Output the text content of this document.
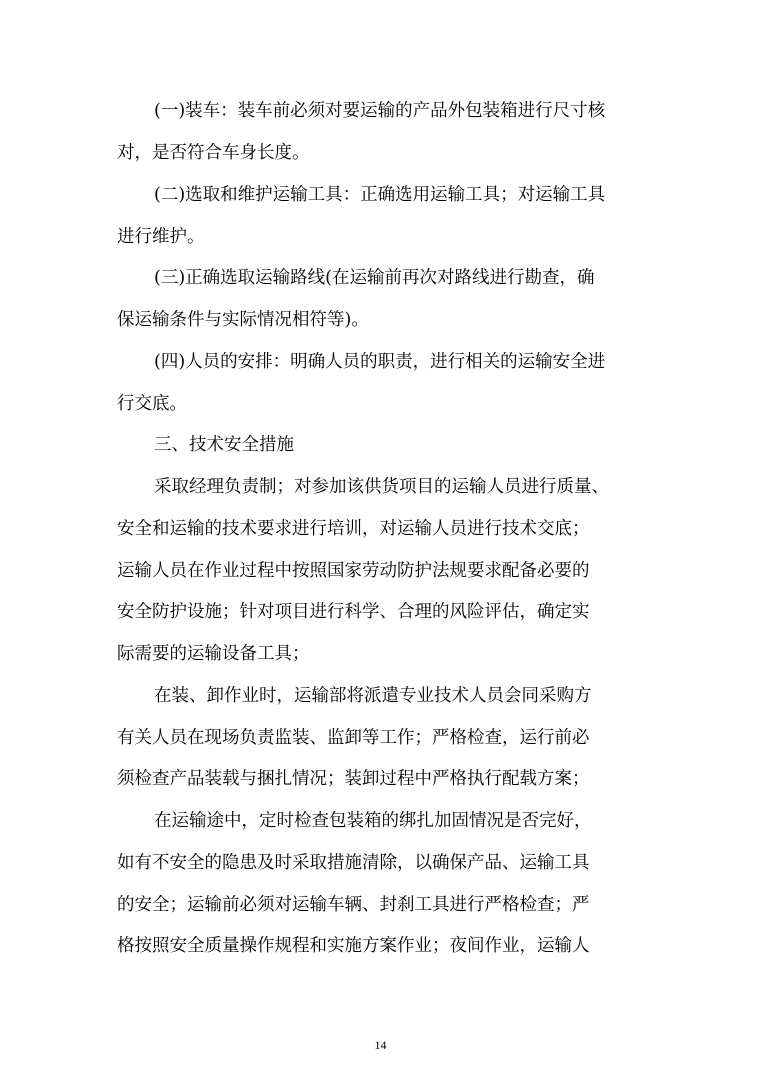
(一)装车：装车前必须对要运输的产品外包装箱进行尺寸核
对，是否符合车身长度。
(二)选取和维护运输工具：正确选用运输工具；对运输工具
进行维护。
(三)正确选取运输路线(在运输前再次对路线进行勘查，确
保运输条件与实际情况相符等)。
(四)人员的安排：明确人员的职责，进行相关的运输安全进
行交底。
三、技术安全措施
采取经理负责制；对参加该供货项目的运输人员进行质量、
安全和运输的技术要求进行培训，对运输人员进行技术交底；
运输人员在作业过程中按照国家劳动防护法规要求配备必要的
安全防护设施；针对项目进行科学、合理的风险评估，确定实
际需要的运输设备工具；
在装、卸作业时，运输部将派遣专业技术人员会同采购方
有关人员在现场负责监装、监卸等工作；严格检查，运行前必
须检查产品装载与捆扎情况；装卸过程中严格执行配载方案；
在运输途中，定时检查包装箱的绑扎加固情况是否完好，
如有不安全的隐患及时采取措施清除，以确保产品、运输工具
的安全；运输前必须对运输车辆、封刹工具进行严格检查；严
格按照安全质量操作规程和实施方案作业；夜间作业，运输人
14
